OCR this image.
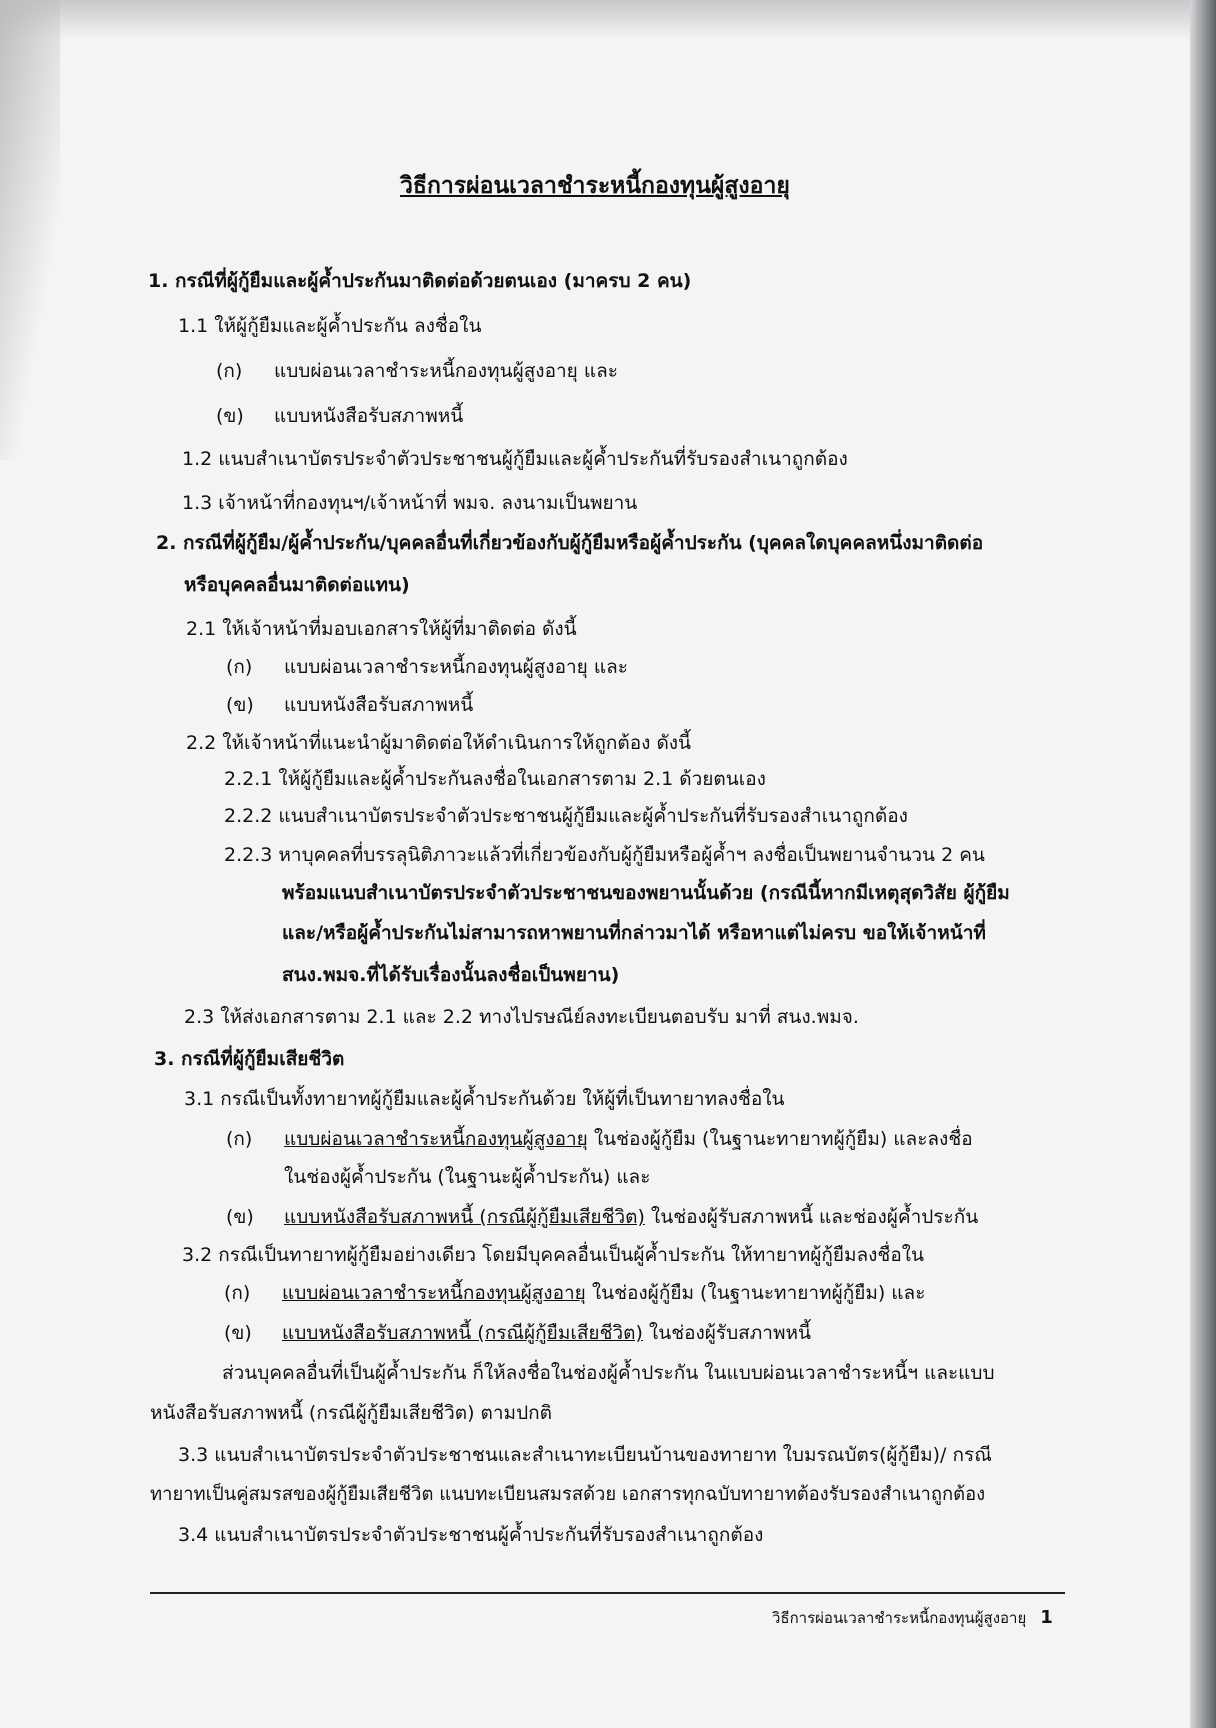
วิธีการผ่อนเวลาชำระหนี้กองทุนผู้สูงอายุ
1. กรณีที่ผู้กู้ยืมและผู้ค้ำประกันมาติดต่อด้วยตนเอง (มาครบ 2 คน)
1.1 ให้ผู้กู้ยืมและผู้ค้ำประกัน ลงชื่อใน
(ก) แบบผ่อนเวลาชำระหนี้กองทุนผู้สูงอายุ และ
(ข) แบบหนังสือรับสภาพหนี้
1.2 แนบสำเนาบัตรประจำตัวประชาชนผู้กู้ยืมและผู้ค้ำประกันที่รับรองสำเนาถูกต้อง
1.3 เจ้าหน้าที่กองทุนฯ/เจ้าหน้าที่ พมจ. ลงนามเป็นพยาน
2. กรณีที่ผู้กู้ยืม/ผู้ค้ำประกัน/บุคคลอื่นที่เกี่ยวข้องกับผู้กู้ยืมหรือผู้ค้ำประกัน (บุคคลใดบุคคลหนึ่งมาติดต่อ
หรือบุคคลอื่นมาติดต่อแทน)
2.1 ให้เจ้าหน้าที่มอบเอกสารให้ผู้ที่มาติดต่อ ดังนี้
(ก) แบบผ่อนเวลาชำระหนี้กองทุนผู้สูงอายุ และ
(ข) แบบหนังสือรับสภาพหนี้
2.2 ให้เจ้าหน้าที่แนะนำผู้มาติดต่อให้ดำเนินการให้ถูกต้อง ดังนี้
2.2.1 ให้ผู้กู้ยืมและผู้ค้ำประกันลงชื่อในเอกสารตาม 2.1 ด้วยตนเอง
2.2.2 แนบสำเนาบัตรประจำตัวประชาชนผู้กู้ยืมและผู้ค้ำประกันที่รับรองสำเนาถูกต้อง
2.2.3 หาบุคคลที่บรรลุนิติภาวะแล้วที่เกี่ยวข้องกับผู้กู้ยืมหรือผู้ค้ำฯ ลงชื่อเป็นพยานจำนวน 2 คน
พร้อมแนบสำเนาบัตรประจำตัวประชาชนของพยานนั้นด้วย (กรณีนี้หากมีเหตุสุดวิสัย ผู้กู้ยืม
และ/หรือผู้ค้ำประกันไม่สามารถหาพยานที่กล่าวมาได้ หรือหาแต่ไม่ครบ ขอให้เจ้าหน้าที่
สนง.พมจ.ที่ได้รับเรื่องนั้นลงชื่อเป็นพยาน)
2.3 ให้ส่งเอกสารตาม 2.1 และ 2.2 ทางไปรษณีย์ลงทะเบียนตอบรับ มาที่ สนง.พมจ.
3. กรณีที่ผู้กู้ยืมเสียชีวิต
3.1 กรณีเป็นทั้งทายาทผู้กู้ยืมและผู้ค้ำประกันด้วย ให้ผู้ที่เป็นทายาทลงชื่อใน
(ก) แบบผ่อนเวลาชำระหนี้กองทุนผู้สูงอายุ ในช่องผู้กู้ยืม (ในฐานะทายาทผู้กู้ยืม) และลงชื่อ
ในช่องผู้ค้ำประกัน (ในฐานะผู้ค้ำประกัน) และ
(ข) แบบหนังสือรับสภาพหนี้ (กรณีผู้กู้ยืมเสียชีวิต) ในช่องผู้รับสภาพหนี้ และช่องผู้ค้ำประกัน
3.2 กรณีเป็นทายาทผู้กู้ยืมอย่างเดียว โดยมีบุคคลอื่นเป็นผู้ค้ำประกัน ให้ทายาทผู้กู้ยืมลงชื่อใน
(ก) แบบผ่อนเวลาชำระหนี้กองทุนผู้สูงอายุ ในช่องผู้กู้ยืม (ในฐานะทายาทผู้กู้ยืม) และ
(ข) แบบหนังสือรับสภาพหนี้ (กรณีผู้กู้ยืมเสียชีวิต) ในช่องผู้รับสภาพหนี้
ส่วนบุคคลอื่นที่เป็นผู้ค้ำประกัน ก็ให้ลงชื่อในช่องผู้ค้ำประกัน ในแบบผ่อนเวลาชำระหนี้ฯ และแบบ
หนังสือรับสภาพหนี้ (กรณีผู้กู้ยืมเสียชีวิต) ตามปกติ
3.3 แนบสำเนาบัตรประจำตัวประชาชนและสำเนาทะเบียนบ้านของทายาท ใบมรณบัตร(ผู้กู้ยืม)/ กรณี
ทายาทเป็นคู่สมรสของผู้กู้ยืมเสียชีวิต แนบทะเบียนสมรสด้วย เอกสารทุกฉบับทายาทต้องรับรองสำเนาถูกต้อง
3.4 แนบสำเนาบัตรประจำตัวประชาชนผู้ค้ำประกันที่รับรองสำเนาถูกต้อง
วิธีการผ่อนเวลาชำระหนี้กองทุนผู้สูงอายุ 1
